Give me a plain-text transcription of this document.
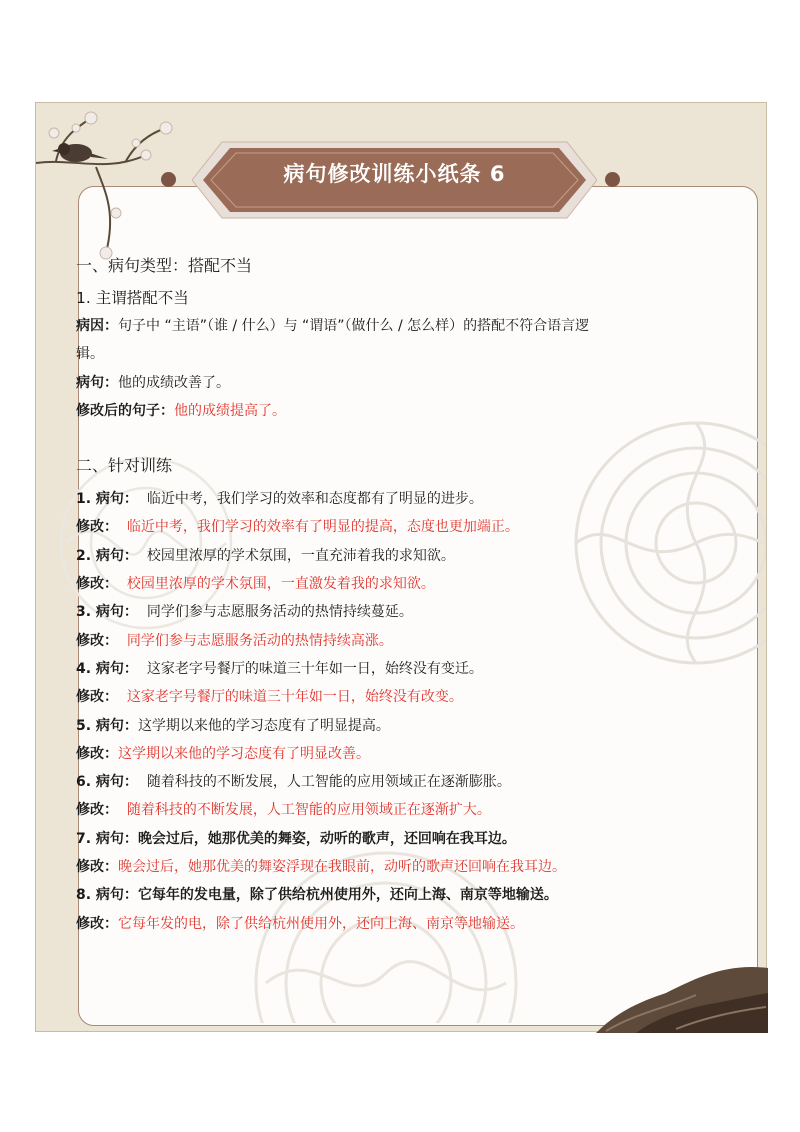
病句修改训练小纸条 6
一、病句类型：搭配不当
1. 主谓搭配不当
病因：句子中 “主语”（谁 / 什么）与 “谓语”（做什么 / 怎么样）的搭配不符合语言逻
辑。
病句：他的成绩改善了。
修改后的句子：他的成绩提高了。
二、针对训练
1. 病句： 临近中考，我们学习的效率和态度都有了明显的进步。
修改： 临近中考，我们学习的效率有了明显的提高，态度也更加端正。
2. 病句： 校园里浓厚的学术氛围，一直充沛着我的求知欲。
修改： 校园里浓厚的学术氛围，一直激发着我的求知欲。
3. 病句： 同学们参与志愿服务活动的热情持续蔓延。
修改： 同学们参与志愿服务活动的热情持续高涨。
4. 病句： 这家老字号餐厅的味道三十年如一日，始终没有变迁。
修改： 这家老字号餐厅的味道三十年如一日，始终没有改变。
5. 病句：这学期以来他的学习态度有了明显提高。
修改：这学期以来他的学习态度有了明显改善。
6. 病句： 随着科技的不断发展，人工智能的应用领域正在逐渐膨胀。
修改： 随着科技的不断发展，人工智能的应用领域正在逐渐扩大。
7. 病句：晚会过后，她那优美的舞姿，动听的歌声，还回响在我耳边。
修改：晚会过后，她那优美的舞姿浮现在我眼前，动听的歌声还回响在我耳边。
8. 病句：它每年的发电量，除了供给杭州使用外，还向上海、南京等地输送。
修改：它每年发的电，除了供给杭州使用外，还向上海、南京等地输送。
